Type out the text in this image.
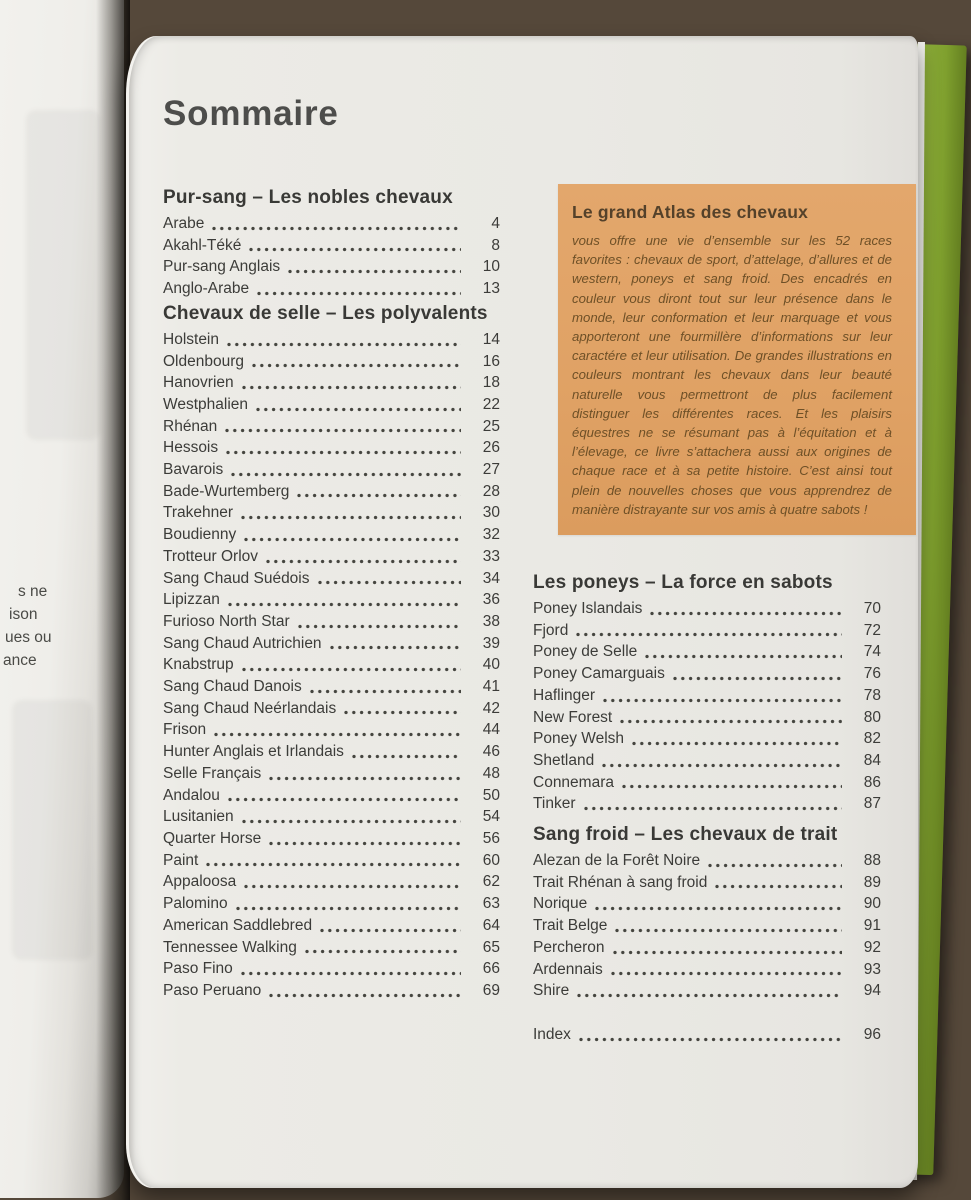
s ne
ison
ues ou
ance
Sommaire
Pur-sang – Les nobles chevaux
Arabe	4
Akahl-Téké	8
Pur-sang Anglais	10
Anglo-Arabe	13
Chevaux de selle – Les polyvalents
Holstein	14
Oldenbourg	16
Hanovrien	18
Westphalien	22
Rhénan	25
Hessois	26
Bavarois	27
Bade-Wurtemberg	28
Trakehner	30
Boudienny	32
Trotteur Orlov	33
Sang Chaud Suédois	34
Lipizzan	36
Furioso North Star	38
Sang Chaud Autrichien	39
Knabstrup	40
Sang Chaud Danois	41
Sang Chaud Neérlandais	42
Frison	44
Hunter Anglais et Irlandais	46
Selle Français	48
Andalou	50
Lusitanien	54
Quarter Horse	56
Paint	60
Appaloosa	62
Palomino	63
American Saddlebred	64
Tennessee Walking	65
Paso Fino	66
Paso Peruano	69
Le grand Atlas des chevaux

vous offre une vie d’ensemble sur les 52 races favorites : chevaux de sport, d’attelage, d’allures et de western, poneys et sang froid. Des encadrés en couleur vous diront tout sur leur présence dans le monde, leur conformation et leur marquage et vous apporteront une fourmillère d’informations sur leur caractére et leur utilisation. De grandes illustrations en couleurs montrant les chevaux dans leur beauté naturelle vous permettront de plus facilement distinguer les différentes races. Et les plaisirs équestres ne se résumant pas à l’équitation et à l’élevage, ce livre s’attachera aussi aux origines de chaque race et à sa petite histoire. C’est ainsi tout plein de nouvelles choses que vous apprendrez de manière distrayante sur vos amis à quatre sabots !

Les poneys – La force en sabots
Poney Islandais	70
Fjord	72
Poney de Selle	74
Poney Camarguais	76
Haflinger	78
New Forest	80
Poney Welsh	82
Shetland	84
Connemara	86
Tinker	87
Sang froid – Les chevaux de trait
Alezan de la Forêt Noire	88
Trait Rhénan à sang froid	89
Norique	90
Trait Belge	91
Percheron	92
Ardennais	93
Shire	94
Index	96
